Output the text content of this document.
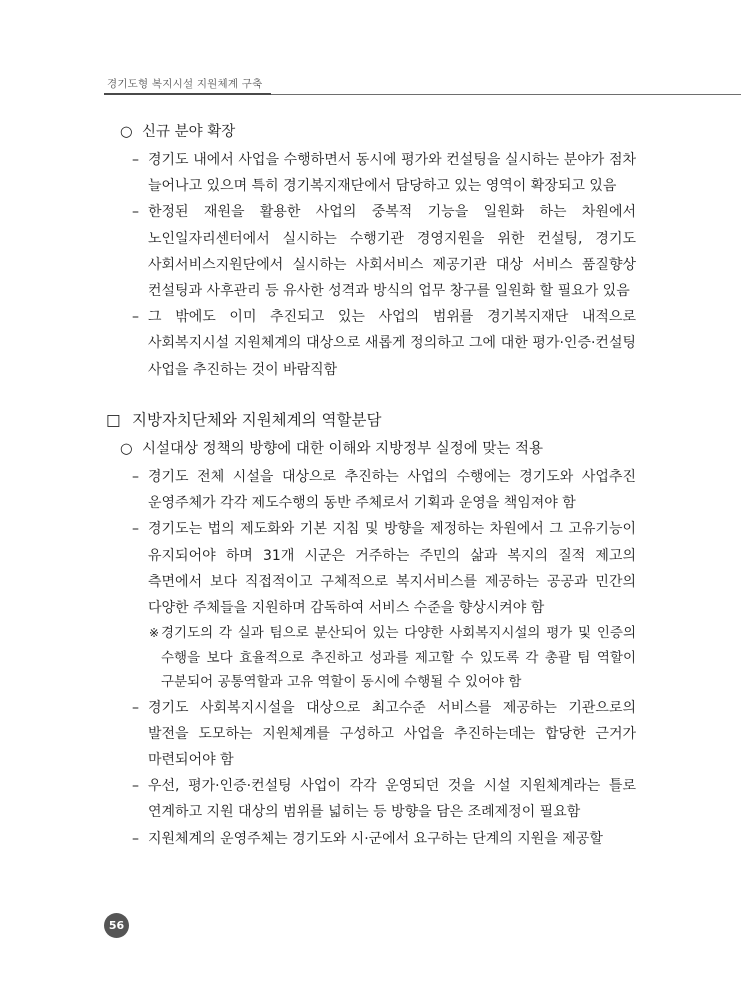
경기도형 복지시설 지원체계 구축
○ 신규 분야 확장
– 경기도 내에서 사업을 수행하면서 동시에 평가와 컨설팅을 실시하는 분야가 점차 늘어나고 있으며 특히 경기복지재단에서 담당하고 있는 영역이 확장되고 있음
– 한정된 재원을 활용한 사업의 중복적 기능을 일원화 하는 차원에서 노인일자리센터에서 실시하는 수행기관 경영지원을 위한 컨설팅, 경기도 사회서비스지원단에서 실시하는 사회서비스 제공기관 대상 서비스 품질향상 컨설팅과 사후관리 등 유사한 성격과 방식의 업무 창구를 일원화 할 필요가 있음
– 그 밖에도 이미 추진되고 있는 사업의 범위를 경기복지재단 내적으로 사회복지시설 지원체계의 대상으로 새롭게 정의하고 그에 대한 평가·인증·컨설팅 사업을 추진하는 것이 바람직함
□ 지방자치단체와 지원체계의 역할분담
○ 시설대상 정책의 방향에 대한 이해와 지방정부 실정에 맞는 적용
– 경기도 전체 시설을 대상으로 추진하는 사업의 수행에는 경기도와 사업추진 운영주체가 각각 제도수행의 동반 주체로서 기획과 운영을 책임져야 함
– 경기도는 법의 제도화와 기본 지침 및 방향을 제정하는 차원에서 그 고유기능이 유지되어야 하며 31개 시군은 거주하는 주민의 삶과 복지의 질적 제고의 측면에서 보다 직접적이고 구체적으로 복지서비스를 제공하는 공공과 민간의 다양한 주체들을 지원하며 감독하여 서비스 수준을 향상시켜야 함
※ 경기도의 각 실과 팀으로 분산되어 있는 다양한 사회복지시설의 평가 및 인증의 수행을 보다 효율적으로 추진하고 성과를 제고할 수 있도록 각 총괄 팀 역할이 구분되어 공통역할과 고유 역할이 동시에 수행될 수 있어야 함
– 경기도 사회복지시설을 대상으로 최고수준 서비스를 제공하는 기관으로의 발전을 도모하는 지원체계를 구성하고 사업을 추진하는데는 합당한 근거가 마련되어야 함
– 우선, 평가·인증·컨설팅 사업이 각각 운영되던 것을 시설 지원체계라는 틀로 연계하고 지원 대상의 범위를 넓히는 등 방향을 담은 조례제정이 필요함
– 지원체계의 운영주체는 경기도와 시·군에서 요구하는 단계의 지원을 제공할
56
